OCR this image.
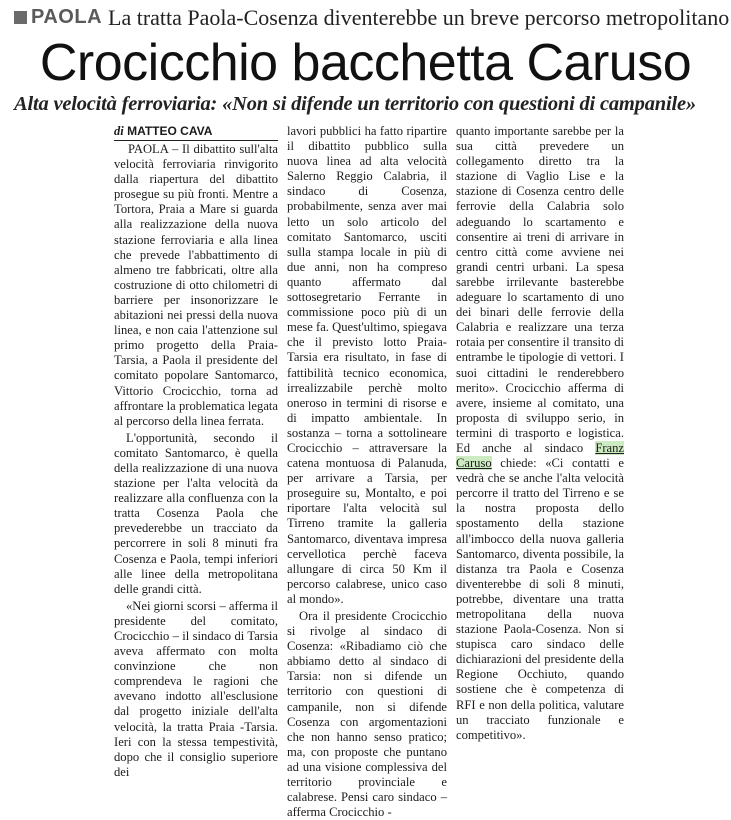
PAOLA La tratta Paola-Cosenza diventerebbe un breve percorso metropolitano
Crocicchio bacchetta Caruso
Alta velocità ferroviaria: «Non si difende un territorio con questioni di campanile»
di MATTEO CAVA

PAOLA – Il dibattito sull'alta velocità ferroviaria rinvigorito dalla riapertura del dibattito prosegue su più fronti. Mentre a Tortora, Praia a Mare si guarda alla realizzazione della nuova stazione ferroviaria e alla linea che prevede l'abbattimento di almeno tre fabbricati, oltre alla costruzione di otto chilometri di barriere per insonorizzare le abitazioni nei pressi della nuova linea, e non caia l'attenzione sul primo progetto della Praia-Tarsia, a Paola il presidente del comitato popolare Santomarco, Vittorio Crocicchio, torna ad affrontare la problematica legata al percorso della linea ferrata.

L'opportunità, secondo il comitato Santomarco, è quella della realizzazione di una nuova stazione per l'alta velocità da realizzare alla confluenza con la tratta Cosenza Paola che prevederebbe un tracciato da percorrere in soli 8 minuti fra Cosenza e Paola, tempi inferiori alle linee della metropolitana delle grandi città.

«Nei giorni scorsi – afferma il presidente del comitato, Crocicchio – il sindaco di Tarsia aveva affermato con molta convinzione che non comprendeva le ragioni che avevano indotto all'esclusione dal progetto iniziale dell'alta velocità, la tratta Praia -Tarsia. Ieri con la stessa tempestività, dopo che il consiglio superiore dei

lavori pubblici ha fatto ripartire il dibattito pubblico sulla nuova linea ad alta velocità Salerno Reggio Calabria, il sindaco di Cosenza, probabilmente, senza aver mai letto un solo articolo del comitato Santomarco, usciti sulla stampa locale in più di due anni, non ha compreso quanto affermato dal sottosegretario Ferrante in commissione poco più di un mese fa. Quest'ultimo, spiegava che il previsto lotto Praia-Tarsia era risultato, in fase di fattibilità tecnico economica, irrealizzabile perchè molto oneroso in termini di risorse e di impatto ambientale. In sostanza – torna a sottolineare Crocicchio – attraversare la catena montuosa di Palanuda, per arrivare a Tarsia, per proseguire su, Montalto, e poi riportare l'alta velocità sul Tirreno tramite la galleria Santomarco, diventava impresa cervellotica perchè faceva allungare di circa 50 Km il percorso calabrese, unico caso al mondo».

Ora il presidente Crocicchio si rivolge al sindaco di Cosenza: «Ribadiamo ciò che abbiamo detto al sindaco di Tarsia: non si difende un territorio con questioni di campanile, non si difende Cosenza con argomentazioni che non hanno senso pratico; ma, con proposte che puntano ad una visione complessiva del territorio provinciale e calabrese. Pensi caro sindaco – afferma Crocicchio -

quanto importante sarebbe per la sua città prevedere un collegamento diretto tra la stazione di Vaglio Lise e la stazione di Cosenza centro delle ferrovie della Calabria solo adeguando lo scartamento e consentire ai treni di arrivare in centro città come avviene nei grandi centri urbani. La spesa sarebbe irrilevante basterebbe adeguare lo scartamento di uno dei binari delle ferrovie della Calabria e realizzare una terza rotaia per consentire il transito di entrambe le tipologie di vettori. I suoi cittadini le renderebbero merito». Crocicchio afferma di avere, insieme al comitato, una proposta di sviluppo serio, in termini di trasporto e logistica. Ed anche al sindaco Franz Caruso chiede: «Ci contatti e vedrà che se anche l'alta velocità percorre il tratto del Tirreno e se la nostra proposta dello spostamento della stazione all'imbocco della nuova galleria Santomarco, diventa possibile, la distanza tra Paola e Cosenza diventerebbe di soli 8 minuti, potrebbe, diventare una tratta metropolitana della nuova stazione Paola-Cosenza. Non si stupisca caro sindaco delle dichiarazioni del presidente della Regione Occhiuto, quando sostiene che è competenza di RFI e non della politica, valutare un tracciato funzionale e competitivo».
